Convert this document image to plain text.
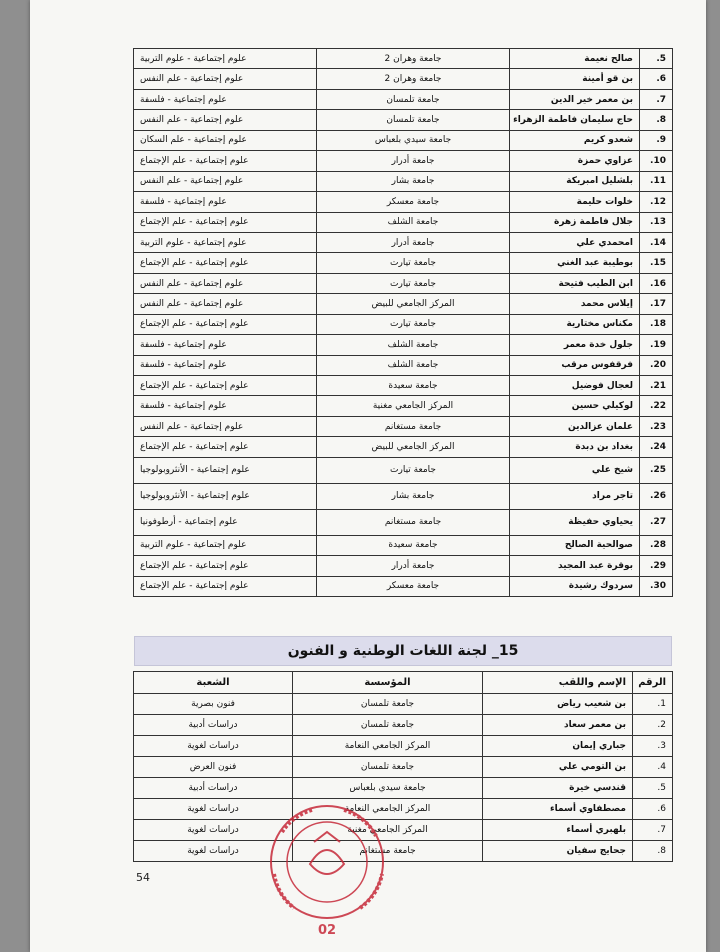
5.	صالح نعيمة	جامعة وهران 2	علوم إجتماعية - علوم التربية
6.	بن قو أمينة	جامعة وهران 2	علوم إجتماعية - علم النفس
7.	بن معمر خير الدين	جامعة تلمسان	علوم إجتماعية - فلسفة
8.	حاج سليمان فاطمة الزهراء	جامعة تلمسان	علوم إجتماعية - علم النفس
9.	شعدو كريم	جامعة سيدي بلعباس	علوم إجتماعية - علم السكان
10.	عزاوي حمزة	جامعة أدرار	علوم إجتماعية - علم الإجتماع
11.	بلشليل امبريكة	جامعة بشار	علوم إجتماعية - علم النفس
12.	خلوات حليمة	جامعة معسكر	علوم إجتماعية - فلسفة
13.	جلال فاطمة زهرة	جامعة الشلف	علوم إجتماعية - علم الإجتماع
14.	امحمدي علي	جامعة أدرار	علوم إجتماعية - علوم التربية
15.	بوطيبة عبد الغني	جامعة تيارت	علوم إجتماعية - علم الإجتماع
16.	ابن الطيب فتيحة	جامعة تيارت	علوم إجتماعية - علم النفس
17.	إيلاس محمد	المركز الجامعي للبيض	علوم إجتماعية - علم النفس
18.	مكناس مختارية	جامعة تيارت	علوم إجتماعية - علم الإجتماع
19.	جلول خدة معمر	جامعة الشلف	علوم إجتماعية - فلسفة
20.	فرقفوس مرقب	جامعة الشلف	علوم إجتماعية - فلسفة
21.	لعجال فوضيل	جامعة سعيدة	علوم إجتماعية - علم الإجتماع
22.	لوكيلي حسين	المركز الجامعي مغنية	علوم إجتماعية - فلسفة
23.	علمان عزالدين	جامعة مستغانم	علوم إجتماعية - علم النفس
24.	بغداد بن دبدة	المركز الجامعي للبيض	علوم إجتماعية - علم الإجتماع
25.	شيخ علي	جامعة تيارت	علوم إجتماعية - الأنثروبولوجيا
26.	تاجر مراد	جامعة بشار	علوم إجتماعية - الأنثروبولوجيا
27.	يحياوي حفيظة	جامعة مستغانم	علوم إجتماعية - أرطوفونيا
28.	صوالحية الصالح	جامعة سعيدة	علوم إجتماعية - علوم التربية
29.	بوقرة عبد المجيد	جامعة أدرار	علوم إجتماعية - علم الإجتماع
30.	سردوك رشيدة	جامعة معسكر	علوم إجتماعية - علم الإجتماع
15_ لجنة اللغات الوطنية و الفنون
الرقم	الإسم واللقب	المؤسسة	الشعبة
1.	بن شعيب رياض	جامعة تلمسان	فنون بصرية
2.	بن معمر سعاد	جامعة تلمسان	دراسات أدبية
3.	جباري إيمان	المركز الجامعي النعامة	دراسات لغوية
4.	بن التومي علي	جامعة تلمسان	فنون العرض
5.	قندسي خيرة	جامعة سيدي بلعباس	دراسات أدبية
6.	مصطفاوي أسماء	المركز الجامعي النعامة	دراسات لغوية
7.	بلهبري أسماء	المركز الجامعي مغنية	دراسات لغوية
8.	جحايج سفيان	جامعة مستغانم	دراسات لغوية
54
02
